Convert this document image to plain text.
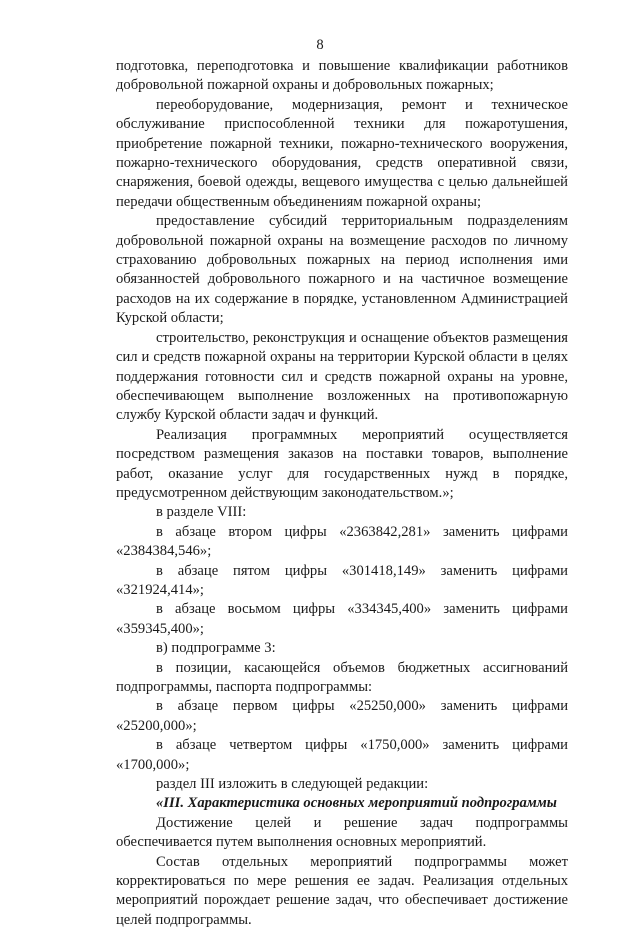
8
подготовка, переподготовка и повышение квалификации работников добровольной пожарной охраны и добровольных пожарных;
переоборудование, модернизация, ремонт и техническое обслуживание приспособленной техники для пожаротушения, приобретение пожарной техники, пожарно-технического вооружения, пожарно-технического оборудования, средств оперативной связи, снаряжения, боевой одежды, вещевого имущества с целью дальнейшей передачи общественным объединениям пожарной охраны;
предоставление субсидий территориальным подразделениям добровольной пожарной охраны на возмещение расходов по личному страхованию добровольных пожарных на период исполнения ими обязанностей добровольного пожарного и на частичное возмещение расходов на их содержание в порядке, установленном Администрацией Курской области;
строительство, реконструкция и оснащение объектов размещения сил и средств пожарной охраны на территории Курской области в целях поддержания готовности сил и средств пожарной охраны на уровне, обеспечивающем выполнение возложенных на противопожарную службу Курской области задач и функций.
Реализация программных мероприятий осуществляется посредством размещения заказов на поставки товаров, выполнение работ, оказание услуг для государственных нужд в порядке, предусмотренном действующим законодательством.»;
в разделе VIII:
в абзаце втором цифры «2363842,281» заменить цифрами «2384384,546»;
в абзаце пятом цифры «301418,149» заменить цифрами «321924,414»;
в абзаце восьмом цифры «334345,400» заменить цифрами «359345,400»;
в) подпрограмме 3:
в позиции, касающейся объемов бюджетных ассигнований подпрограммы, паспорта подпрограммы:
в абзаце первом цифры «25250,000» заменить цифрами «25200,000»;
в абзаце четвертом цифры «1750,000» заменить цифрами «1700,000»;
раздел III изложить в следующей редакции:
«III. Характеристика основных мероприятий подпрограммы
Достижение целей и решение задач подпрограммы обеспечивается путем выполнения основных мероприятий.
Состав отдельных мероприятий подпрограммы может корректироваться по мере решения ее задач. Реализация отдельных мероприятий порождает решение задач, что обеспечивает достижение целей подпрограммы.
